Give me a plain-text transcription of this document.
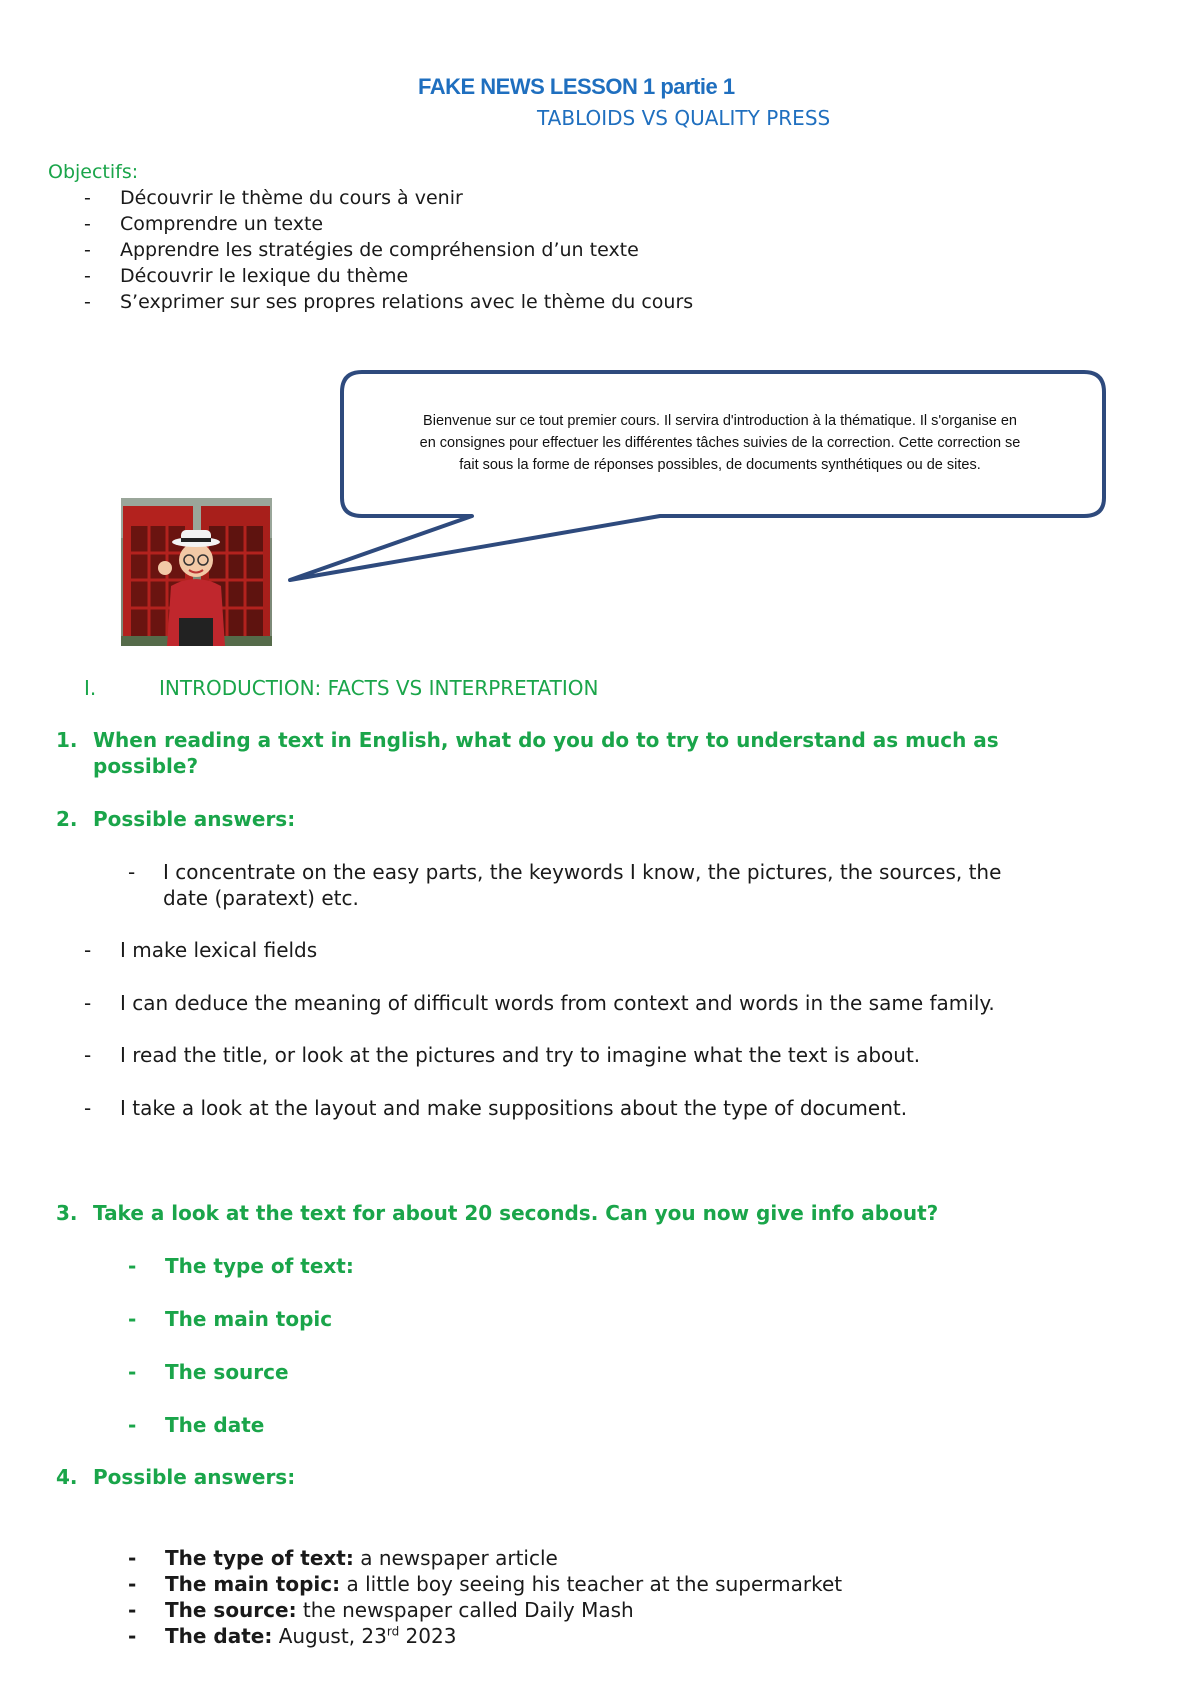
FAKE NEWS LESSON 1 partie 1
TABLOIDS VS QUALITY PRESS
Objectifs:
- Découvrir le thème du cours à venir
- Comprendre un texte
- Apprendre les stratégies de compréhension d’un texte
- Découvrir le lexique du thème
- S’exprimer sur ses propres relations avec le thème du cours
Bienvenue sur ce tout premier cours. Il servira d'introduction à la thématique. Il s'organise en
en consignes pour effectuer les différentes tâches suivies de la correction. Cette correction se
fait sous la forme de réponses possibles, de documents synthétiques ou de sites.
I.	INTRODUCTION: FACTS VS INTERPRETATION
1. When reading a text in English, what do you do to try to understand as much as
possible?
2. Possible answers:
- I concentrate on the easy parts, the keywords I know, the pictures, the sources, the
date (paratext) etc.
- I make lexical fields
- I can deduce the meaning of difficult words from context and words in the same family.
- I read the title, or look at the pictures and try to imagine what the text is about.
- I take a look at the layout and make suppositions about the type of document.
3. Take a look at the text for about 20 seconds. Can you now give info about?
- The type of text:
- The main topic
- The source
- The date
4. Possible answers:
- The type of text: a newspaper article
- The main topic: a little boy seeing his teacher at the supermarket
- The source: the newspaper called Daily Mash
- The date: August, 23rd 2023
